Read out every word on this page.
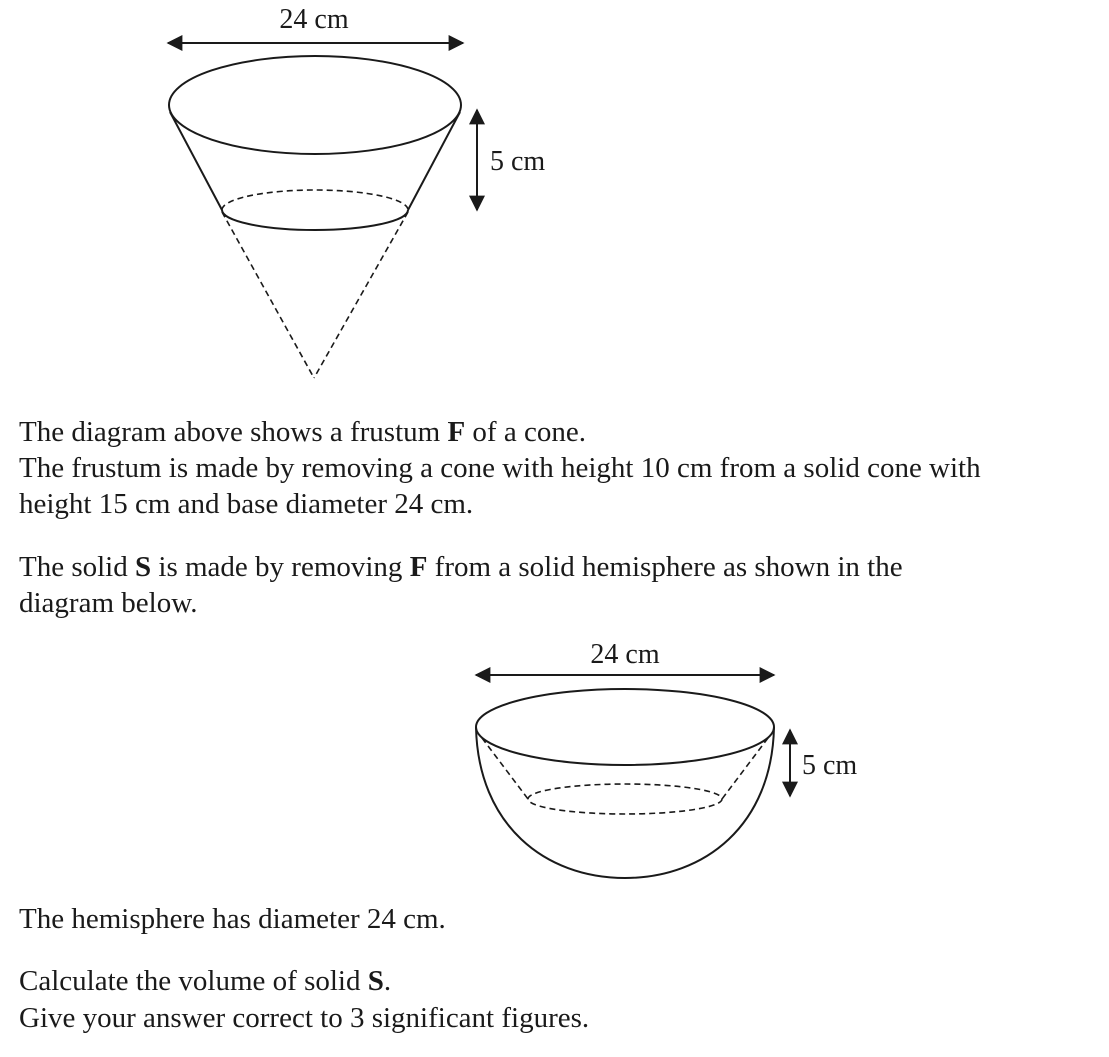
24 cm
5 cm
24 cm
5 cm
The diagram above shows a frustum F of a cone.
The frustum is made by removing a cone with height 10 cm from a solid cone with
height 15 cm and base diameter 24 cm.
The solid S is made by removing F from a solid hemisphere as shown in the
diagram below.
The hemisphere has diameter 24 cm.
Calculate the volume of solid S.
Give your answer correct to 3 significant figures.
